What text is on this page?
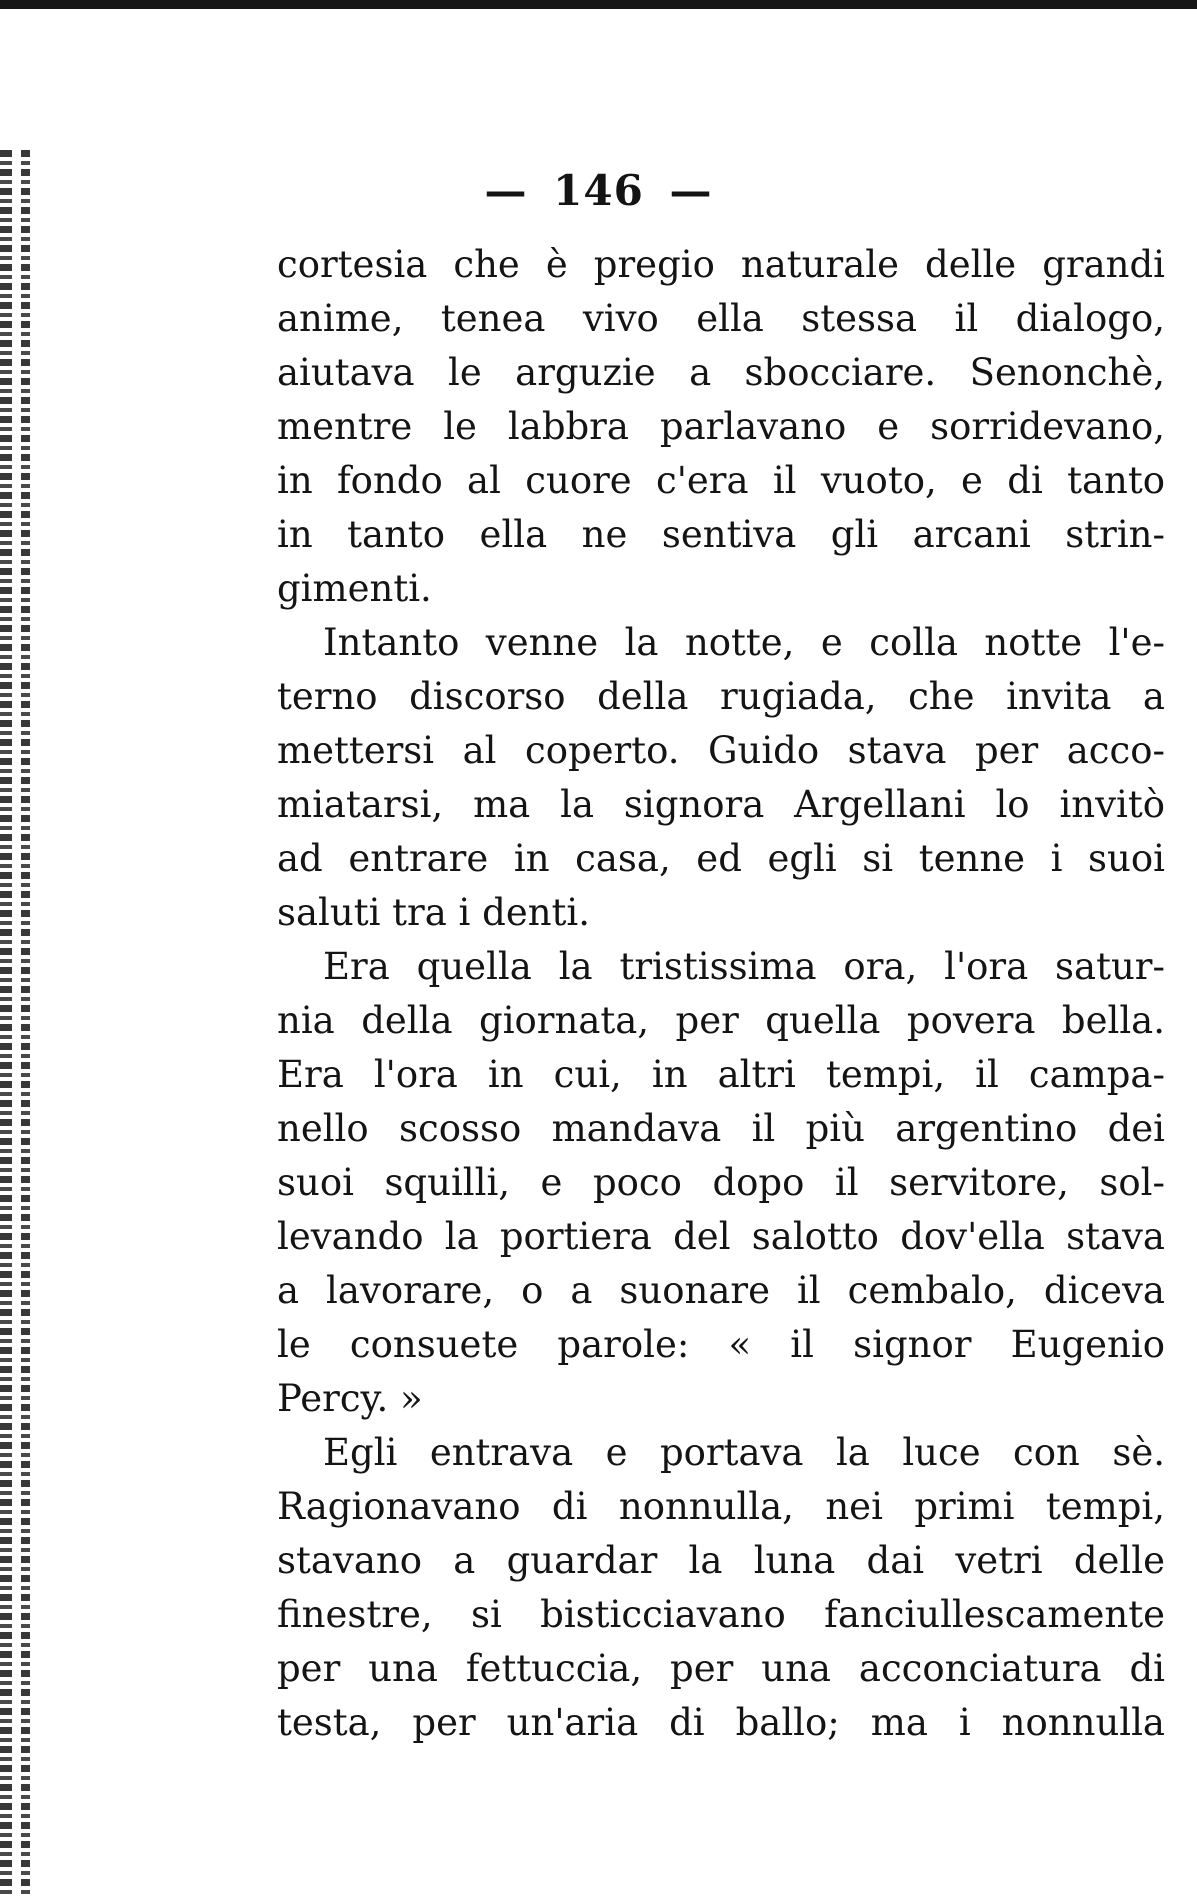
— 146 —
cortesia che è pregio naturale delle grandi
anime, tenea vivo ella stessa il dialogo,
aiutava le arguzie a sbocciare. Senonchè,
mentre le labbra parlavano e sorridevano,
in fondo al cuore c'era il vuoto, e di tanto
in tanto ella ne sentiva gli arcani strin-
gimenti.
Intanto venne la notte, e colla notte l'e-
terno discorso della rugiada, che invita a
mettersi al coperto. Guido stava per acco-
miatarsi, ma la signora Argellani lo invitò
ad entrare in casa, ed egli si tenne i suoi
saluti tra i denti.
Era quella la tristissima ora, l'ora satur-
nia della giornata, per quella povera bella.
Era l'ora in cui, in altri tempi, il campa-
nello scosso mandava il più argentino dei
suoi squilli, e poco dopo il servitore, sol-
levando la portiera del salotto dov'ella stava
a lavorare, o a suonare il cembalo, diceva
le consuete parole: « il signor Eugenio
Percy. »
Egli entrava e portava la luce con sè.
Ragionavano di nonnulla, nei primi tempi,
stavano a guardar la luna dai vetri delle
finestre, si bisticciavano fanciullescamente
per una fettuccia, per una acconciatura di
testa, per un'aria di ballo; ma i nonnulla
